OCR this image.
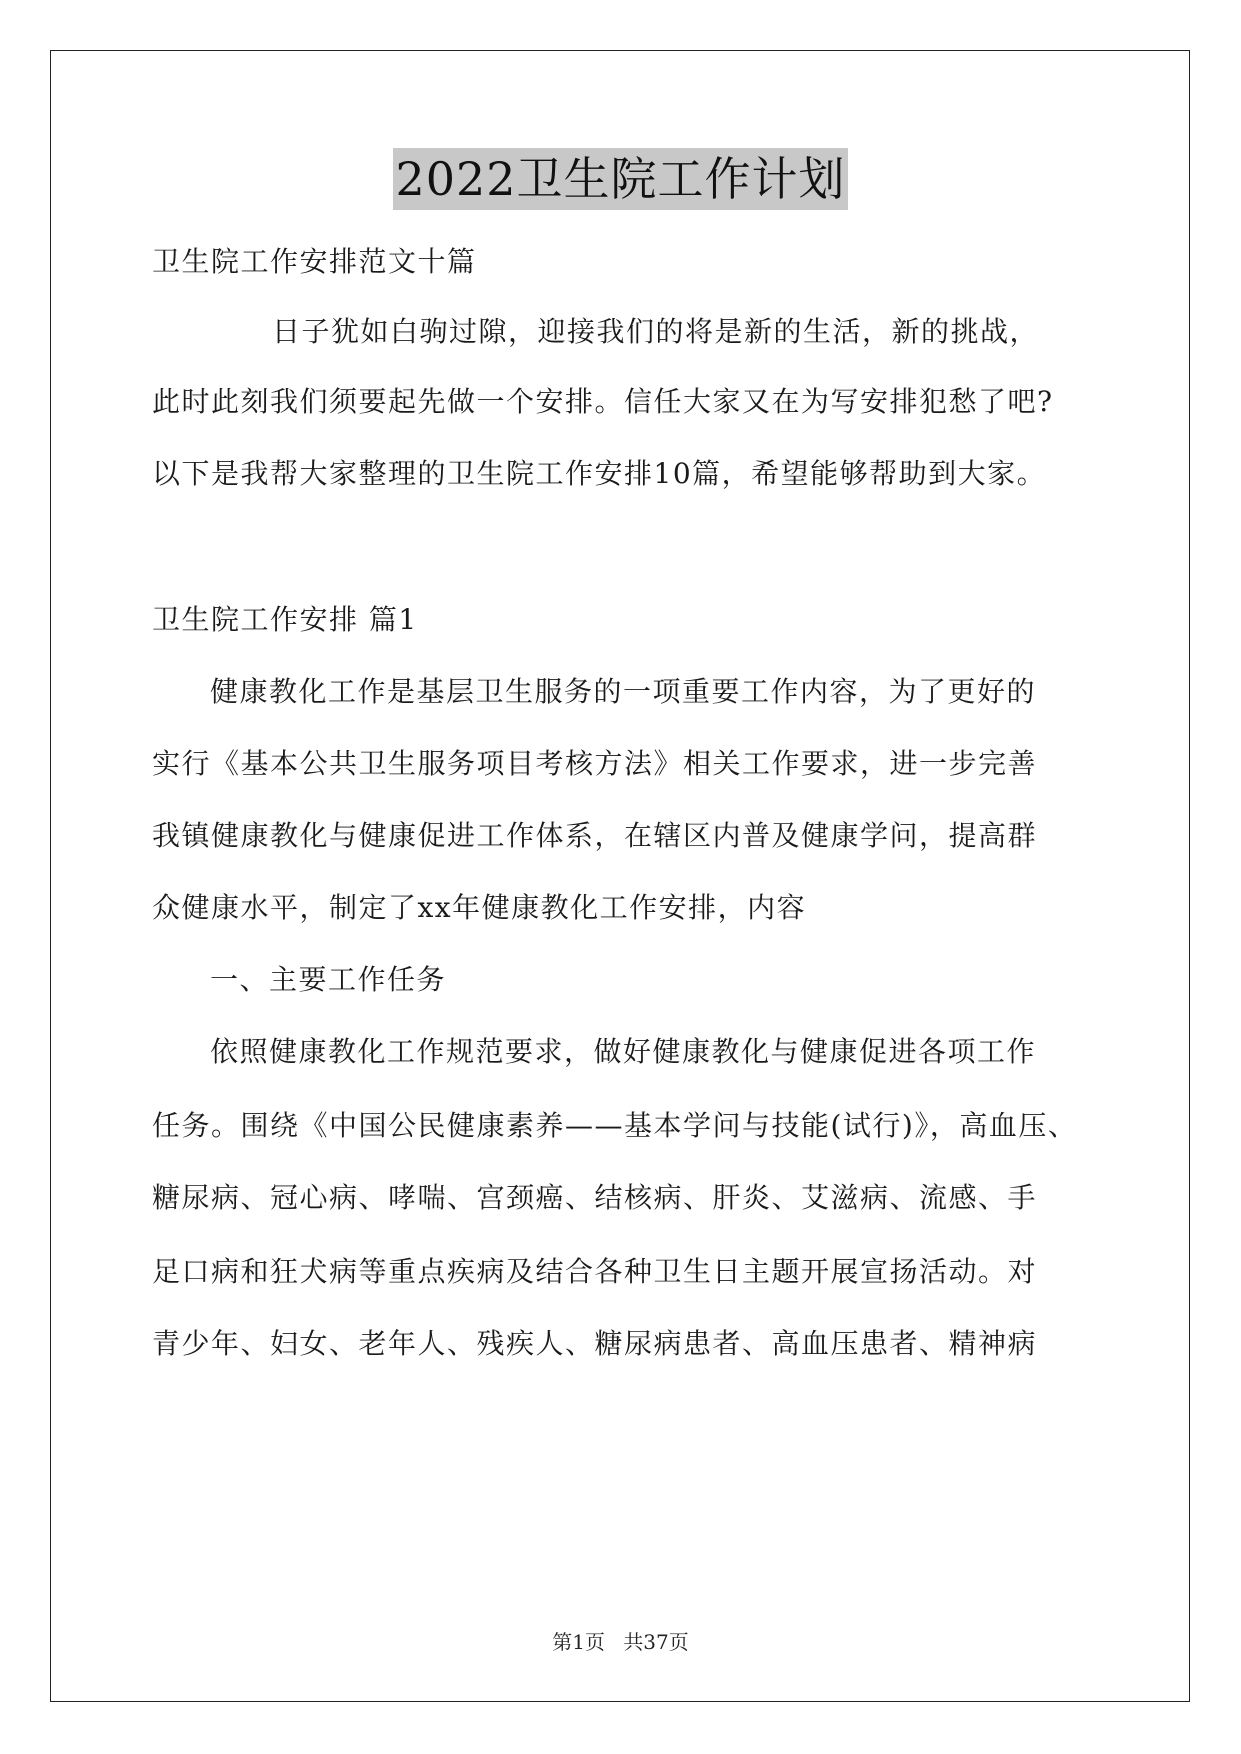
2022卫生院工作计划
卫生院工作安排范文十篇
日子犹如白驹过隙，迎接我们的将是新的生活，新的挑战，
此时此刻我们须要起先做一个安排。信任大家又在为写安排犯愁了吧?
以下是我帮大家整理的卫生院工作安排10篇，希望能够帮助到大家。
卫生院工作安排 篇1
健康教化工作是基层卫生服务的一项重要工作内容，为了更好的
实行《基本公共卫生服务项目考核方法》相关工作要求，进一步完善
我镇健康教化与健康促进工作体系，在辖区内普及健康学问，提高群
众健康水平，制定了xx年健康教化工作安排，内容
一、主要工作任务
依照健康教化工作规范要求，做好健康教化与健康促进各项工作
任务。围绕《中国公民健康素养——基本学问与技能(试行)》，高血压、
糖尿病、冠心病、哮喘、宫颈癌、结核病、肝炎、艾滋病、流感、手
足口病和狂犬病等重点疾病及结合各种卫生日主题开展宣扬活动。对
青少年、妇女、老年人、残疾人、糖尿病患者、高血压患者、精神病
第1页 共37页
